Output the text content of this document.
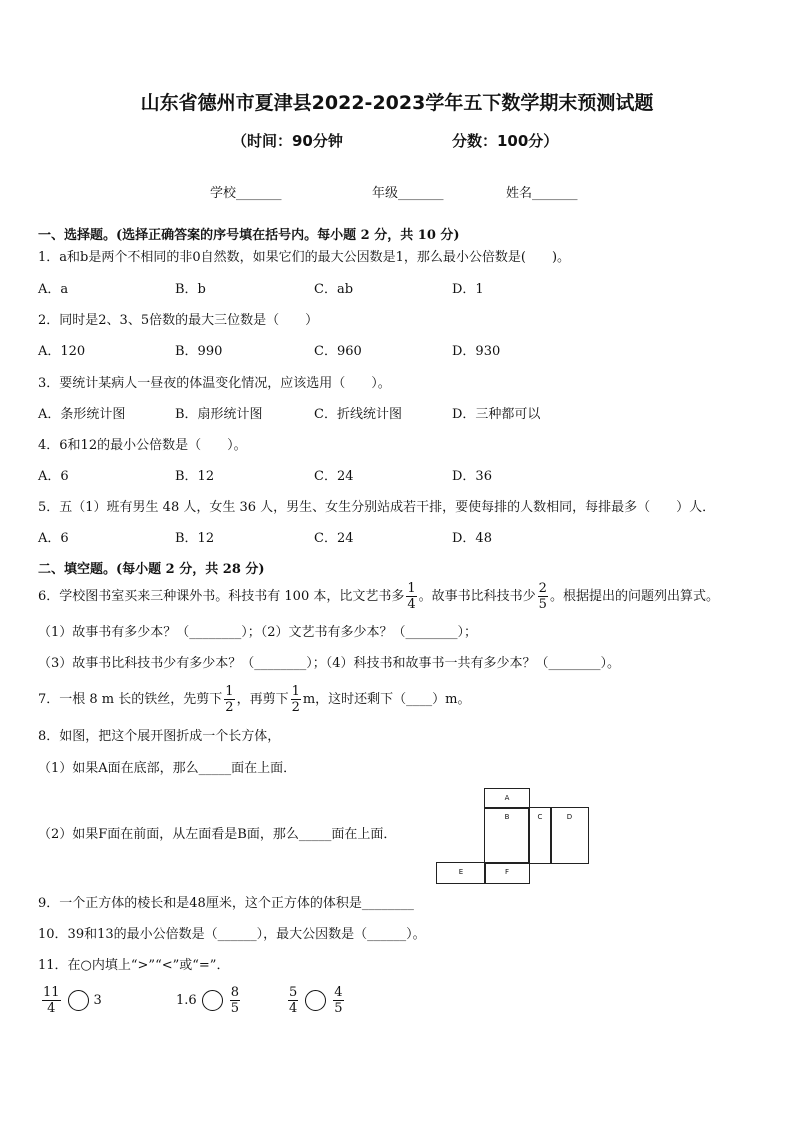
山东省德州市夏津县2022-2023学年五下数学期末预测试题
（时间：90分钟	分数：100分）
学校_______	年级_______	姓名_______
一、选择题。(选择正确答案的序号填在括号内。每小题 2 分，共 10 分)
1．a和b是两个不相同的非0自然数，如果它们的最大公因数是1，那么最小公倍数是(　　)。
A．a	B．b	C．ab	D．1
2．同时是2、3、5倍数的最大三位数是（　　）
A．120	B．990	C．960	D．930
3．要统计某病人一昼夜的体温变化情况，应该选用（　　）。
A．条形统计图	B．扇形统计图	C．折线统计图	D．三种都可以
4．6和12的最小公倍数是（　　）。
A．6	B．12	C．24	D．36
5．五（1）班有男生 48 人，女生 36 人，男生、女生分别站成若干排，要使每排的人数相同，每排最多（　　）人．
A．6	B．12	C．24	D．48
二、填空题。(每小题 2 分，共 28 分)
6．学校图书室买来三种课外书。科技书有 100 本，比文艺书多 $\frac{1}{4}$ 。故事书比科技书少 $\frac{2}{5}$ 。根据提出的问题列出算式。
（1）故事书有多少本？（________）；（2）文艺书有多少本？（________）；
（3）故事书比科技书少有多少本？（________）；（4）科技书和故事书一共有多少本？（________）。
7．一根 8 m 长的铁丝，先剪下 $\frac{1}{2}$ ，再剪下 $\frac{1}{2}$ m，这时还剩下（____）m。
8．如图，把这个展开图折成一个长方体，
（1）如果A面在底部，那么_____面在上面．
（2）如果F面在前面，从左面看是B面，那么_____面在上面．
A
B	C	D
E	F
9．一个正方体的棱长和是48厘米，这个正方体的体积是________
10．39和13的最小公倍数是（______），最大公因数是（______）。
11．在○内填上“>”“<”或“=”．
$\frac{11}{4}$	3	1.6	$\frac{8}{5}$	$\frac{5}{4}$	$\frac{4}{5}$
